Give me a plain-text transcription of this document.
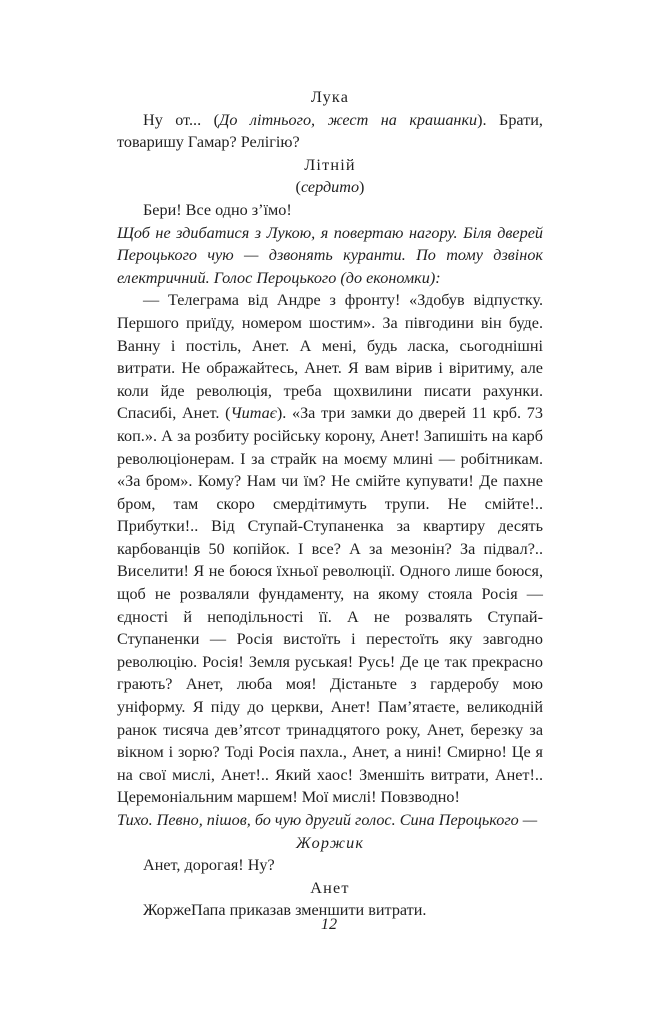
Лука

Ну от... (До літнього, жест на крашанки). Брати, товаришу Гамар? Релігію?

Літній

(сердито)

Бери! Все одно з’їмо!

Щоб не здибатися з Лукою, я повертаю нагору. Біля дверей Пероцького чую — дзвонять куранти. По тому дзвінок електричний. Голос Пероцького (до економки):

— Телеграма від Андре з фронту! «Здобув відпустку. Першого приїду, номером шостим». За півгодини він буде. Ванну і постіль, Анет. А мені, будь ласка, сьогоднішні витрати. Не ображайтесь, Анет. Я вам вірив і віритиму, але коли йде революція, треба щохвилини писати рахунки. Спасибі, Анет. (Читає). «За три замки до дверей 11 крб. 73 коп.». А за розбиту російську корону, Анет! Запишіть на карб революціонерам. І за страйк на моєму млині — робітникам. «За бром». Кому? Нам чи їм? Не смійте купувати! Де пахне бром, там скоро смердітимуть трупи. Не смійте!.. Прибутки!.. Від Ступай-Ступаненка за квартиру десять карбованців 50 копійок. І все? А за мезонін? За підвал?.. Виселити! Я не боюся їхньої революції. Одного лише боюся, щоб не розваляли фундаменту, на якому стояла Росія — єдності й неподільності її. А не розвалять Ступай-Ступаненки — Росія вистоїть і перестоїть яку завгодно революцію. Росія! Земля руськая! Русь! Де це так прекрасно грають? Анет, люба моя! Дістаньте з гардеробу мою уніформу. Я піду до церкви, Анет! Пам’ятаєте, великодній ранок тисяча дев’ятсот тринадцятого року, Анет, березку за вікном і зорю? Тоді Росія пахла., Анет, а нині! Смирно! Це я на свої мислі, Анет!.. Який хаос! Зменшіть витрати, Анет!.. Церемоніальним маршем! Мої мислі! Повзводно!

Тихо. Певно, пішов, бо чую другий голос. Сина Пероцького —

Жоржик

Анет, дорогая! Ну?

Анет

ЖоржеПапа приказав зменшити витрати.

12
